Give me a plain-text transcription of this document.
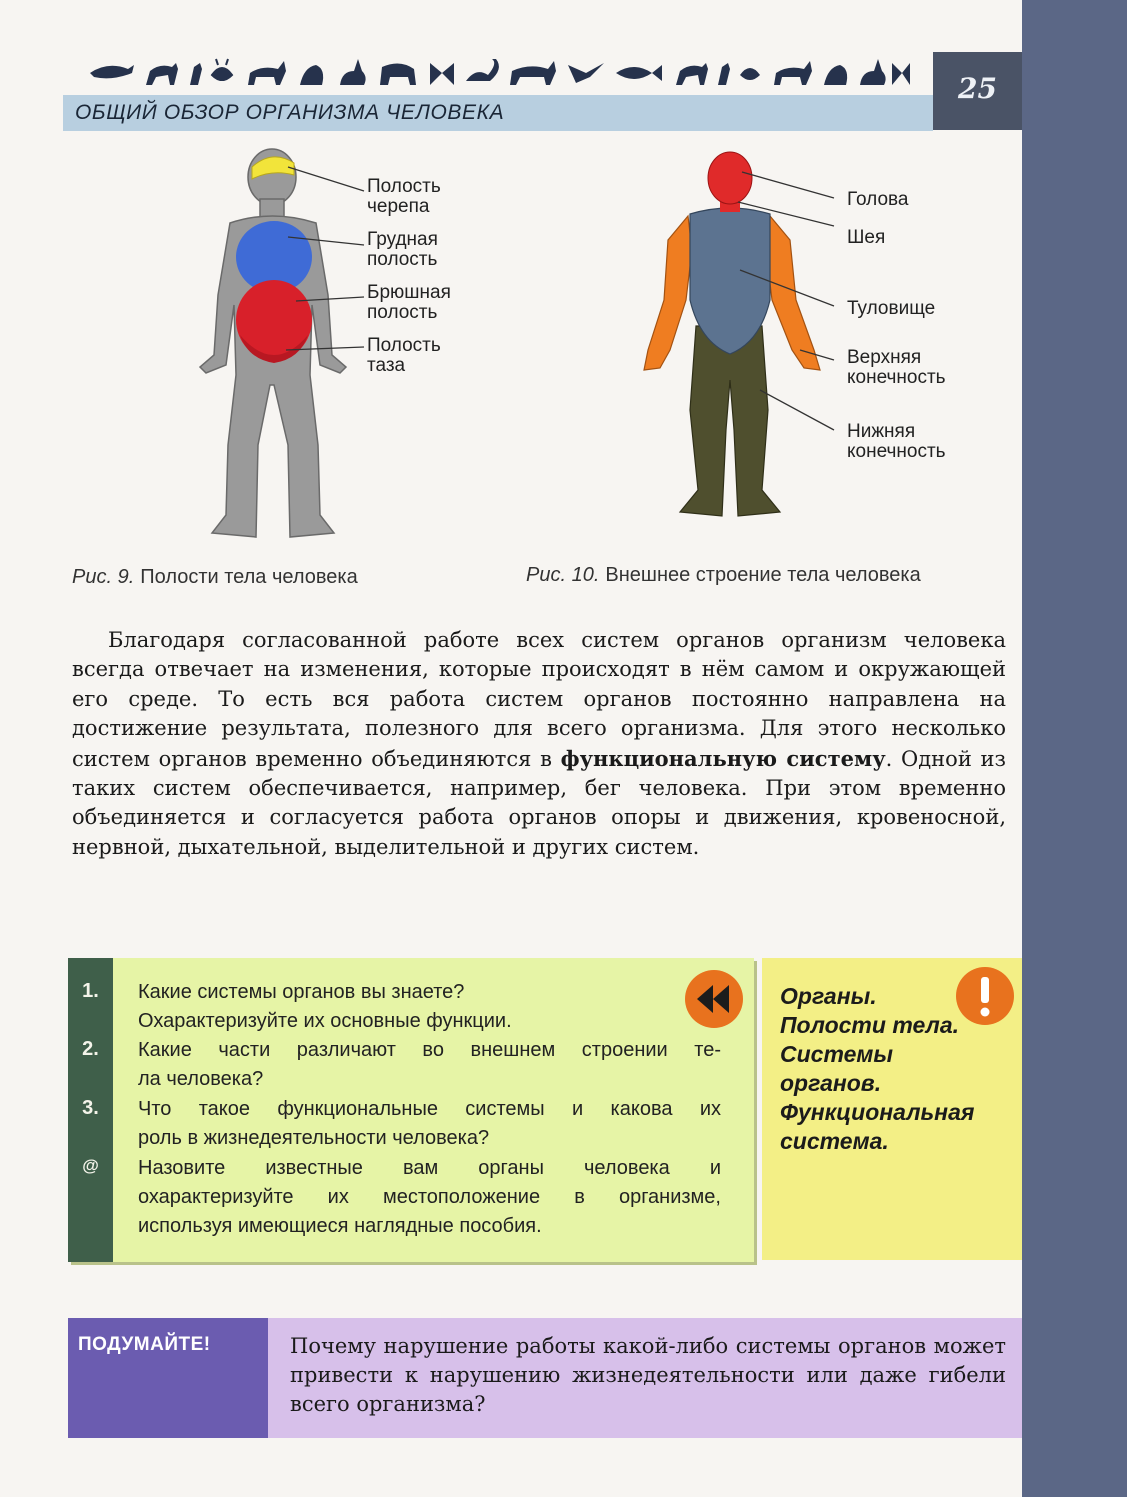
ОБЩИЙ ОБЗОР ОРГАНИЗМА ЧЕЛОВЕКА
25
Полость черепа
Грудная полость
Брюшная полость
Полость таза
Рис. 9. Полости тела человека
Голова
Шея
Туловище
Верхняя конечность
Нижняя конечность
Рис. 10. Внешнее строение тела человека
Благодаря согласованной работе всех систем органов организм человека всегда отвечает на изменения, которые происходят в нём самом и окружающей его среде. То есть вся работа систем органов постоянно направлена на достижение результата, полезного для всего организма. Для этого несколько систем органов временно объединяются в функциональную систему. Одной из таких систем обеспечивается, например, бег человека. При этом временно объединяется и согласуется работа органов опоры и движения, кровеносной, нервной, дыхательной, выделительной и других систем.
1.	Какие системы органов вы знаете?
Охарактеризуйте их основные функции.
2.	Какие части различают во внешнем строении те-
ла человека?
3.	Что такое функциональные системы и какова их
роль в жизнедеятельности человека?
@	Назовите известные вам органы человека и
охарактеризуйте их местоположение в организме,
используя имеющиеся наглядные пособия.
Органы.
Полости тела.
Системы
органов.
Функциональная
система.
ПОДУМАЙТЕ!	Почему нарушение работы какой-либо системы органов может привести к нарушению жизнедеятельности или даже гибели всего организма?
